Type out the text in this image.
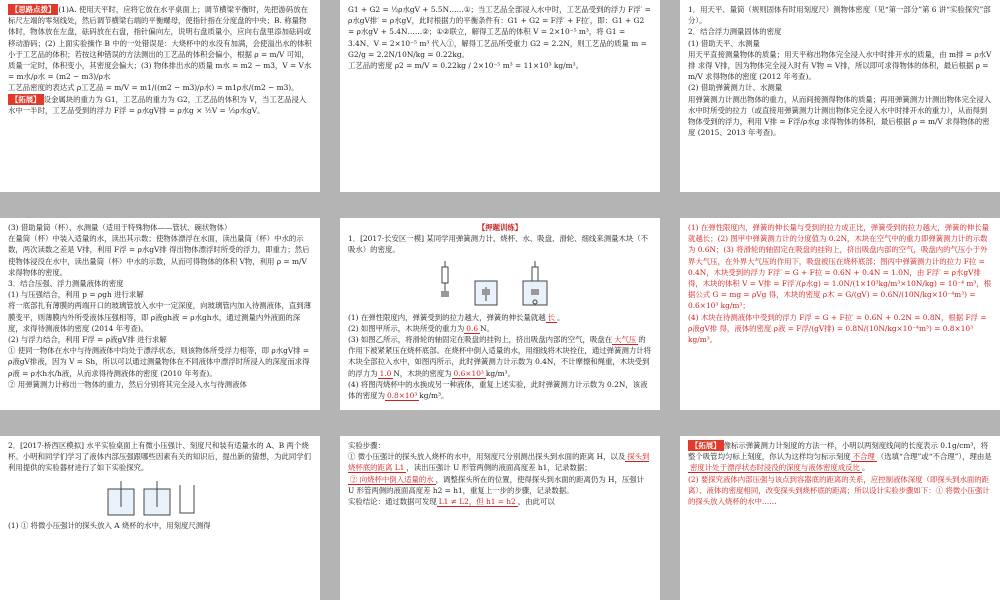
【思路点拨】 (1)A. 使用天平时，应将它放在水平桌面上；调节横梁平衡时，先把游码放在标尺左端的零刻线处，然后调节横梁右端的平衡螺母，使指针指在分度盘的中央；B. 称量物体时，物体放在左盘，砝码放在右盘，指针偏向左，说明右盘质量小，应向右盘里添加砝码或移动游码；(2) 上面实验操作 B 中的一处错误是：大烧杯中的水没有加满，会使溢出水的体积小于工艺品的体积；若按这种错误的方法测出的工艺品的体积会偏小，根据 ρ = m/V 可知，质量一定时，体积变小，其密度会偏大；(3) 物体排出水的质量 m水 = m2 − m3，V = V水 = m水/ρ水 = (m2 − m3)/ρ水

工艺品密度的表达式 ρ工艺品 = m/V = m1/((m2 − m3)/ρ水) = m1ρ水/(m2 − m3)。

【拓展】 设金属块的重力为 G1，工艺品的重力为 G2，工艺品的体积为 V，当工艺品浸入水中一半时，工艺品受到的浮力 F浮 = ρ水gV排 = ρ水g × ½V = ½ρ水gV。

G1 + G2 = ½ρ水gV + 5.5N……①；当工艺品全部浸入水中时，工艺品受到的浮力 F浮′ = ρ水gV排′ = ρ水gV，此时根据力的平衡条件有：G1 + G2 = F浮′ + F拉′，即：G1 + G2 = ρ水gV + 5.4N……②；①②联立，解得工艺品的体积 V = 2×10⁻⁵ m³，将 G1 = 3.4N、V = 2×10⁻⁵ m³ 代入①，解得工艺品所受重力 G2 = 2.2N，则工艺品的质量 m = G2/g = 2.2N/10N/kg = 0.22kg。

工艺品的密度 ρ2 = m/V = 0.22kg / 2×10⁻⁵ m³ = 11×10³ kg/m³。

1．用天平、量筒（规则固体有时用刻度尺）测物体密度（见“第一部分”第 6 讲“实验探究”部分）。

2．结合浮力测量固体的密度

(1) 借助天平、水测量

用天平直接测量物体的质量；用天平称出物体完全浸入水中时排开水的质量，由 m排 = ρ水V排 求得 V排，因为物体完全浸入时有 V物 = V排，所以即可求得物体的体积，最后根据 ρ = m/V 求得物体的密度 (2012 年考查)。

(2) 借助弹簧测力计、水测量

用弹簧测力计测出物体的重力，从而间接测得物体的质量；再用弹簧测力计测出物体完全浸入水中时所受的拉力（或直接用弹簧测力计测出物体完全浸入水中时排开水的重力），从而得到物体受到的浮力，利用 V排 = F浮/ρ水g 求得物体的体积，最后根据 ρ = m/V 求得物体的密度 (2015、2013 年考查)。

(3) 借助量筒（杯）、水测量（适用于特殊物体——管状、碗状物体）

在量筒（杯）中装入适量的水，读出其示数；使物体漂浮在水面，读出量筒（杯）中水的示数，两次读数之差是 V排，利用 F浮 = ρ水gV排 得出物体漂浮时所受的浮力，即重力；然后使物体浸没在水中，读出量筒（杯）中水的示数，从而可得物体的体积 V物，利用 ρ = m/V 求得物体的密度。

3．结合压强、浮力测量液体的密度

(1) 与压强结合，利用 p = ρgh 进行求解

将一底部扎有薄膜的两端开口的玻璃管放入水中一定深度，向玻璃管内加入待测液体，直到薄膜变平，则薄膜内外所受液体压强相等，即 ρ液gh液 = ρ水gh水，通过测量内外液面的深度，求得待测液体的密度 (2014 年考查)。

(2) 与浮力结合，利用 F浮 = ρ液gV排 进行求解

① 使同一物体在水中与待测液体中均处于漂浮状态，则该物体所受浮力相等，即 ρ水gV排 = ρ液gV排液，因为 V = Sh，所以可以通过测量物体在不同液体中漂浮时所浸入的深度而求得 ρ液 = ρ水h水/h液，从而求得待测液体的密度 (2010 年考查)。

② 用弹簧测力计称出一物体的重力，然后分别将其完全浸入水与待测液体

【押题训练】

1．[2017·长安区一模] 某同学用弹簧测力计、烧杯、水、吸盘、滑轮、细线来测量木块（不吸水）的密度。

(1) 在弹性限度内，弹簧受到的拉力越大，弹簧的伸长量就越 长 。

(2) 如图甲所示，木块所受的重力为 0.6 N。

(3) 如图乙所示，将滑轮的轴固定在吸盘的挂钩上，挤出吸盘内部的空气，吸盘在 大气压 的作用下被紧紧压在烧杯底部。在烧杯中倒入适量的水，用细线将木块拴住，通过弹簧测力计将木块全部拉入水中，如图丙所示，此时弹簧测力计示数为 0.4N，不计摩擦和绳重，木块受到的浮力为 1.0 N，木块的密度为 0.6×10³ kg/m³。

(4) 将图丙烧杯中的水换成另一种液体，重复上述实验，此时弹簧测力计示数为 0.2N，该液体的密度为 0.8×10³ kg/m³。

(1) 在弹性限度内，弹簧的伸长量与受到的拉力成正比，弹簧受到的拉力越大，弹簧的伸长量就越长；(2) 图甲中弹簧测力计的分度值为 0.2N，木块在空气中的重力即弹簧测力计的示数为 0.6N；(3) 将滑轮的轴固定在吸盘的挂钩上，挤出吸盘内部的空气，吸盘内的气压小于外界大气压，在外界大气压的作用下，吸盘被压在烧杯底部；图丙中弹簧测力计的拉力 F拉 = 0.4N，木块受到的浮力 F浮′ = G + F拉 = 0.6N + 0.4N = 1.0N，由 F浮′ = ρ水gV排 得，木块的体积 V = V排 = F浮′/(ρ水g) = 1.0N/(1×10³kg/m³×10N/kg) = 10⁻⁴ m³，根据公式 G = mg = ρVg 得，木块的密度 ρ木 = G/(gV) = 0.6N/(10N/kg×10⁻⁴m³) = 0.6×10³ kg/m³；

(4) 木块在待测液体中受到的浮力 F浮 = G + F拉′ = 0.6N + 0.2N = 0.8N，根据 F浮 = ρ液gV排 得，液体的密度 ρ液 = F浮/(gV排) = 0.8N/(10N/kg×10⁻⁴m³) = 0.8×10³ kg/m³。

2．[2017·桥西区模拟] 水平实验桌面上有微小压强计、刻度尺和装有适量水的 A、B 两个烧杯。小明和同学们学习了液体内部压强跟哪些因素有关的知识后，提出新的猜想，为此同学们利用提供的实验器材进行了如下实验探究。

(1) ① 将微小压强计的探头放入 A 烧杯的水中，用刻度尺测得

实验步骤：

① 微小压强计的探头放入烧杯的水中，用刻度尺分别测出探头到水面的距离 H，以及 探头到烧杯底的距离 L1 ，读出压强计 U 形管两侧的液面高度差 h1，记录数据；

② 向烧杯中倒入适量的水 ，调整探头所在的位置，使得探头到水面的距离仍为 H，压强计 U 形管两侧的液面高度差 h2 = h1，重复上一步的步骤，记录数据。

实验结论：通过数据可发现 L1 ≠ L2，但 h1 = h2 ，由此可以

【拓展】 像标示弹簧测力计刻度的方法一样，小明以两刻度线间的长度表示 0.1g/cm³，将整个吸管均匀标上刻度，你认为这样均匀标示刻度 不合理 （选填“合理”或“不合理”），理由是密度计处于漂浮状态时浸没的深度与液体密度成反比 。

(2) 要探究液体内部压强与该点到容器底的距离的关系，应控制液体深度（即探头到水面的距离）、液体的密度相同，改变探头到烧杯底的距离；所以设计实验步骤如下：① 将微小压强计的探头放入烧杯的水中……
